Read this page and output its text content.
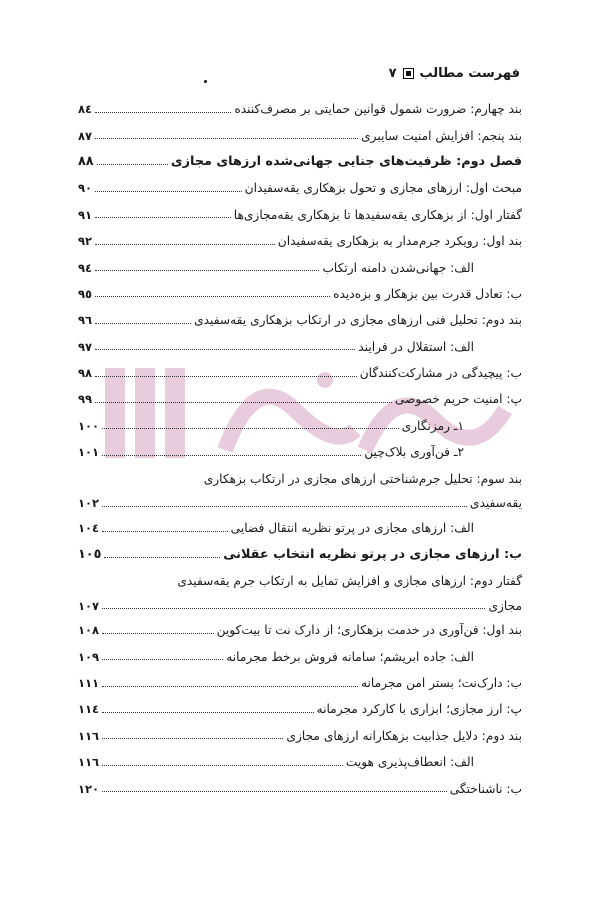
فهرست مطالب
٧
بند چهارم: ضرورت شمول قوانین حمایتی بر مصرف‌کننده
٨٤
بند پنجم: افزایش امنیت سایبری
٨٧
فصل دوم: ظرفیت‌های جنایی جهانی‌شده ارزهای مجازی
٨٨
مبحث اول: ارزهای مجازی و تحول بزهکاری یقه‌سفیدان
٩٠
گفتار اول: از بزهکاری یقه‌سفیدها تا بزهکاری یقه‌مجازی‌ها
٩١
بند اول: رویکرد جرم‌مدار به بزهکاری یقه‌سفیدان
٩٢
الف: جهانی‌شدن دامنه ارتکاب
٩٤
ب: تعادل قدرت بین بزهکار و بزه‌دیده
٩٥
بند دوم: تحلیل فنی ارزهای مجازی در ارتکاب بزهکاری یقه‌سفیدی
٩٦
الف: استقلال در فرایند
٩٧
ب: پیچیدگی در مشارکت‌کنندگان
٩٨
پ: امنیت حریم خصوصی
٩٩
١ـ رمزنگاری
١٠٠
٢ـ فن‌آوری بلاک‌چین
١٠١
بند سوم: تحلیل جرم‌شناختی ارزهای مجازی در ارتکاب بزهکاری
یقه‌سفیدی
١٠٢
الف: ارزهای مجازی در پرتو نظریه انتقال فضایی
١٠٤
ب: ارزهای مجازی در پرتو نظریه انتخاب عقلانی
١٠٥
گفتار دوم: ارزهای مجازی و افزایش تمایل به ارتکاب جرم یقه‌سفیدی
مجازی
١٠٧
بند اول: فن‌آوری در خدمت بزهکاری؛ از دارک نت تا بیت‌کوین
١٠٨
الف: جاده ابریشم؛ سامانه فروش برخط مجرمانه
١٠٩
ب: دارک‌نت؛ بستر امن مجرمانه
١١١
پ: ارز مجازی؛ ابزاری با کارکرد مجرمانه
١١٤
بند دوم: دلایل جذابیت بزهکارانه ارزهای مجازی
١١٦
الف: انعطاف‌پذیری هویت
١١٦
ب: ناشناختگی
١٢٠
